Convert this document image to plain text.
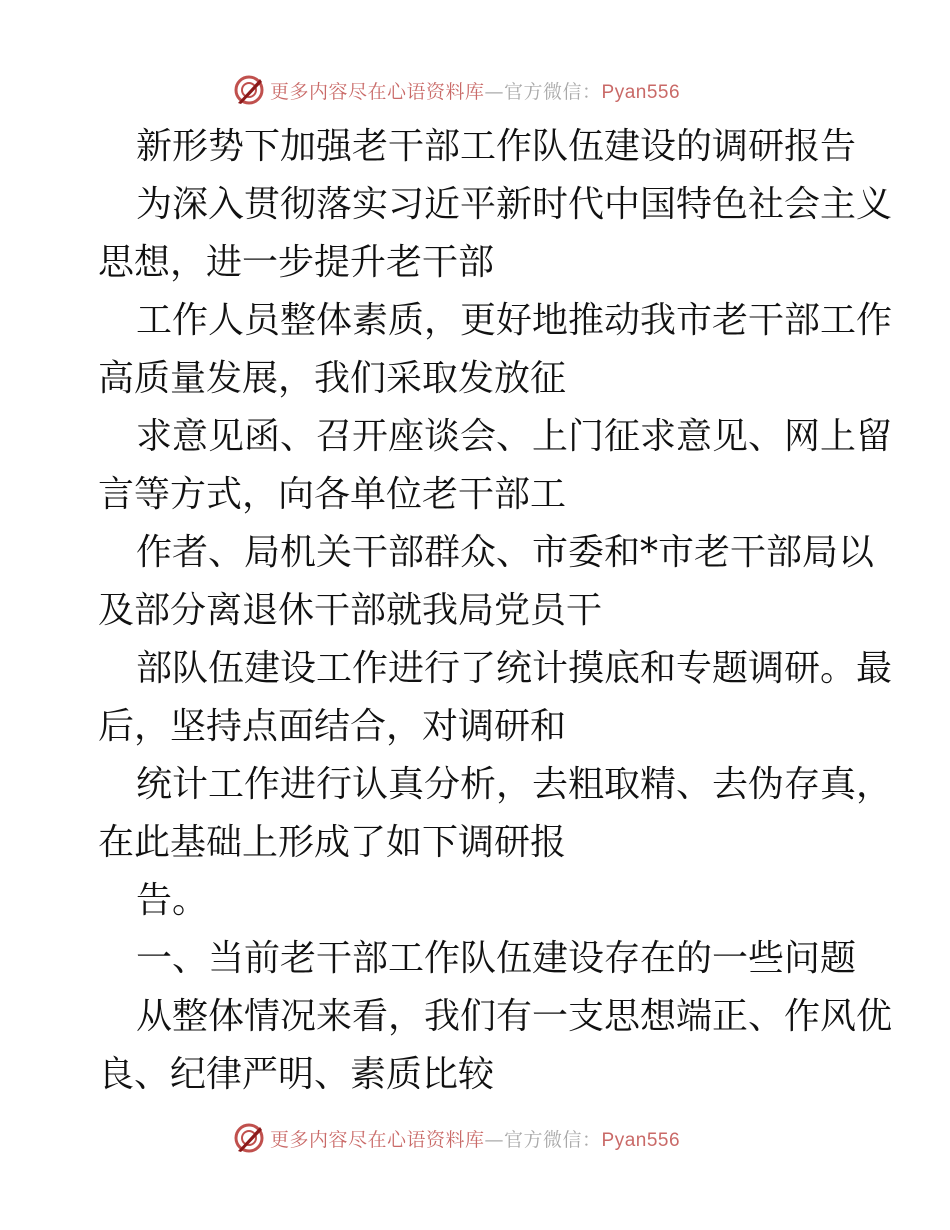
更多内容尽在心语资料库—官方微信：Pyan556
新形势下加强老干部工作队伍建设的调研报告
为深入贯彻落实习近平新时代中国特色社会主义
思想，进一步提升老干部
工作人员整体素质，更好地推动我市老干部工作
高质量发展，我们采取发放征
求意见函、召开座谈会、上门征求意见、网上留
言等方式，向各单位老干部工
作者、局机关干部群众、市委和*市老干部局以
及部分离退休干部就我局党员干
部队伍建设工作进行了统计摸底和专题调研。最
后，坚持点面结合，对调研和
统计工作进行认真分析，去粗取精、去伪存真，
在此基础上形成了如下调研报
告。
一、当前老干部工作队伍建设存在的一些问题
从整体情况来看，我们有一支思想端正、作风优
良、纪律严明、素质比较
更多内容尽在心语资料库—官方微信：Pyan556
